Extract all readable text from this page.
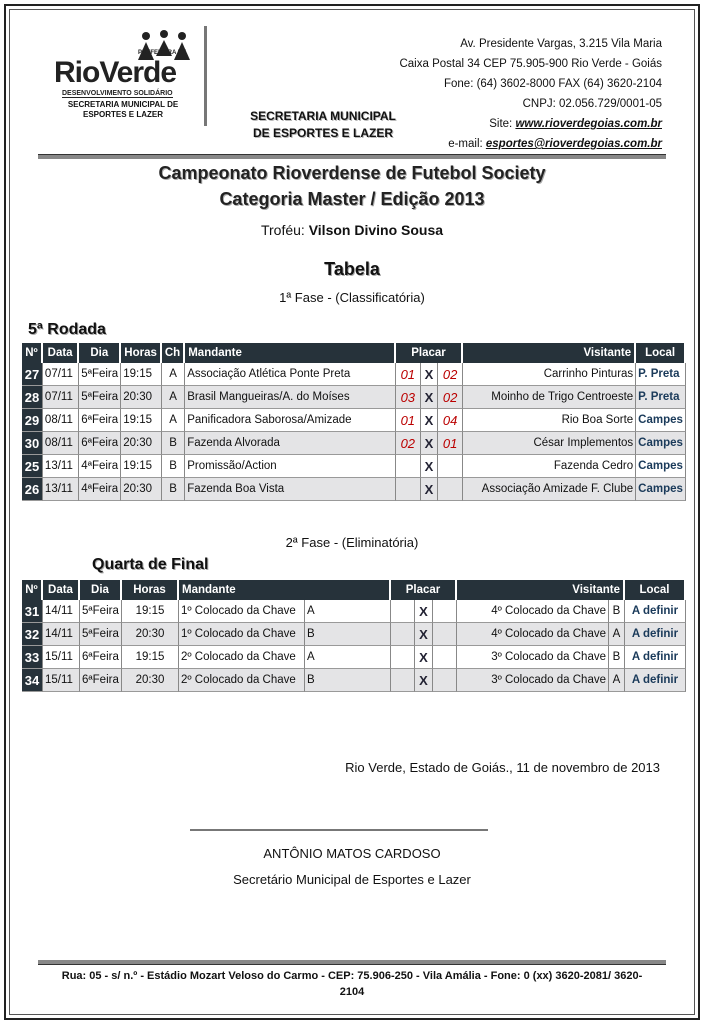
PREFEITURA DE
RioVerde
DESENVOLVIMENTO SOLIDÁRIO
SECRETARIA MUNICIPAL DE ESPORTES E LAZER	SECRETARIA MUNICIPAL
DE ESPORTES E LAZER
Av. Presidente Vargas, 3.215 Vila Maria
Caixa Postal 34 CEP 75.905-900 Rio Verde - Goiás
Fone: (64) 3602-8000 FAX (64) 3620-2104
CNPJ: 02.056.729/0001-05
Site: www.rioverdegoias.com.br
e-mail: esportes@rioverdegoias.com.br
Campeonato Rioverdense de Futebol Society
Categoria Master / Edição 2013
Troféu: Vilson Divino Sousa
Tabela
1ª Fase - (Classificatória)
5ª Rodada
Nº	Data	Dia	Horas	Ch	Mandante	Placar			Visitante	Local
27	07/11	5ªFeira	19:15	A	Associação Atlética Ponte Preta	01	X	02	Carrinho Pinturas	P. Preta
28	07/11	5ªFeira	20:30	A	Brasil Mangueiras/A. do Moíses	03	X	02	Moinho de Trigo Centroeste	P. Preta
29	08/11	6ªFeira	19:15	A	Panificadora Saborosa/Amizade	01	X	04	Rio Boa Sorte	Campes
30	08/11	6ªFeira	20:30	B	Fazenda Alvorada	02	X	01	César Implementos	Campes
25	13/11	4ªFeira	19:15	B	Promissão/Action		X		Fazenda Cedro	Campes
26	13/11	4ªFeira	20:30	B	Fazenda Boa Vista		X		Associação Amizade F. Clube	Campes
2ª Fase - (Eliminatória)
Quarta de Final
Nº	Data	Dia	Horas	Mandante		Placar			Visitante		Local
31	14/11	5ªFeira	19:15	1º Colocado da Chave	A		X		4º Colocado da Chave	B	A definir
32	14/11	5ªFeira	20:30	1º Colocado da Chave	B		X		4º Colocado da Chave	A	A definir
33	15/11	6ªFeira	19:15	2º Colocado da Chave	A		X		3º Colocado da Chave	B	A definir
34	15/11	6ªFeira	20:30	2º Colocado da Chave	B		X		3º Colocado da Chave	A	A definir
Rio Verde, Estado de Goiás., 11 de novembro de 2013
ANTÔNIO MATOS CARDOSO
Secretário Municipal de Esportes e Lazer
Rua: 05 - s/ n.º - Estádio Mozart Veloso do Carmo - CEP: 75.906-250 - Vila Amália - Fone: 0 (xx) 3620-2081/ 3620-2104
